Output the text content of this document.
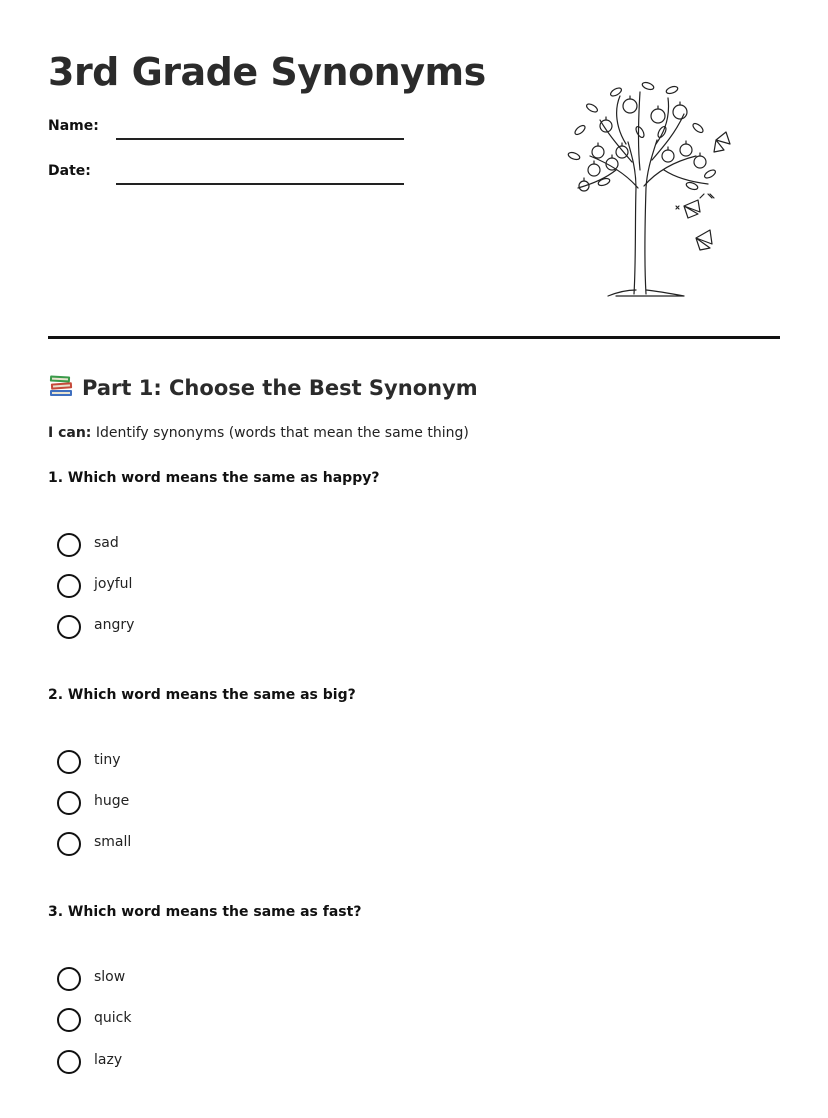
3rd Grade Synonyms
Name:
Date:
Part 1: Choose the Best Synonym
I can: Identify synonyms (words that mean the same thing)

1. Which word means the same as happy?

sad
joyful
angry

2. Which word means the same as big?

tiny
huge
small

3. Which word means the same as fast?

slow
quick
lazy
